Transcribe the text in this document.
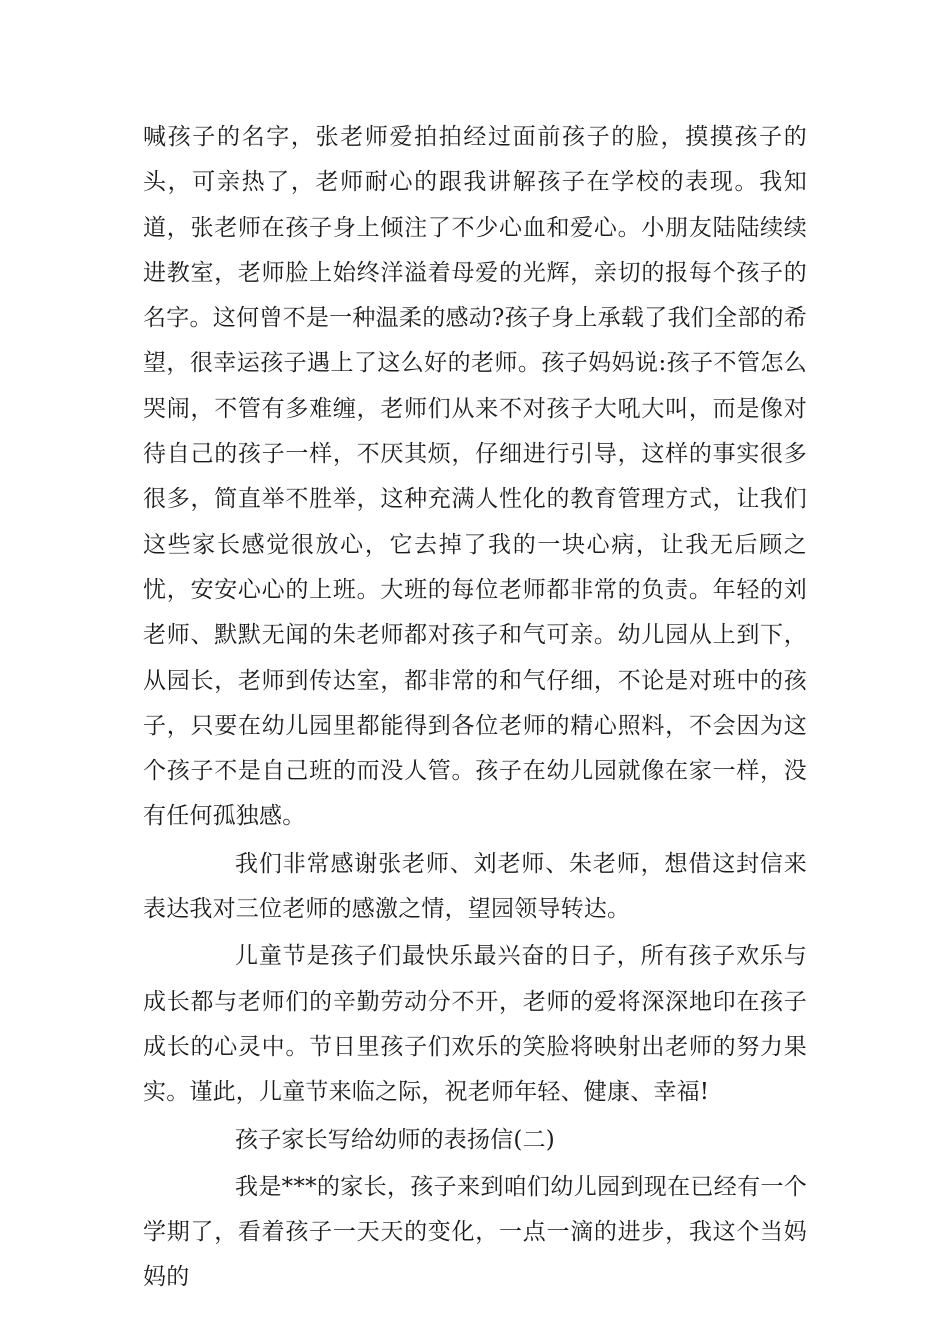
喊孩子的名字，张老师爱拍拍经过面前孩子的脸，摸摸孩子的头，可亲热了，老师耐心的跟我讲解孩子在学校的表现。我知道，张老师在孩子身上倾注了不少心血和爱心。小朋友陆陆续续进教室，老师脸上始终洋溢着母爱的光辉，亲切的报每个孩子的名字。这何曾不是一种温柔的感动?孩子身上承载了我们全部的希望，很幸运孩子遇上了这么好的老师。孩子妈妈说:孩子不管怎么哭闹，不管有多难缠，老师们从来不对孩子大吼大叫，而是像对待自己的孩子一样，不厌其烦，仔细进行引导，这样的事实很多很多，简直举不胜举，这种充满人性化的教育管理方式，让我们这些家长感觉很放心，它去掉了我的一块心病，让我无后顾之忧，安安心心的上班。大班的每位老师都非常的负责。年轻的刘老师、默默无闻的朱老师都对孩子和气可亲。幼儿园从上到下，从园长，老师到传达室，都非常的和气仔细，不论是对班中的孩子，只要在幼儿园里都能得到各位老师的精心照料，不会因为这个孩子不是自己班的而没人管。孩子在幼儿园就像在家一样，没有任何孤独感。

我们非常感谢张老师、刘老师、朱老师，想借这封信来表达我对三位老师的感激之情，望园领导转达。

儿童节是孩子们最快乐最兴奋的日子，所有孩子欢乐与成长都与老师们的辛勤劳动分不开，老师的爱将深深地印在孩子成长的心灵中。节日里孩子们欢乐的笑脸将映射出老师的努力果实。谨此，儿童节来临之际，祝老师年轻、健康、幸福!

孩子家长写给幼师的表扬信(二)

我是***的家长，孩子来到咱们幼儿园到现在已经有一个学期了，看着孩子一天天的变化，一点一滴的进步，我这个当妈妈的
